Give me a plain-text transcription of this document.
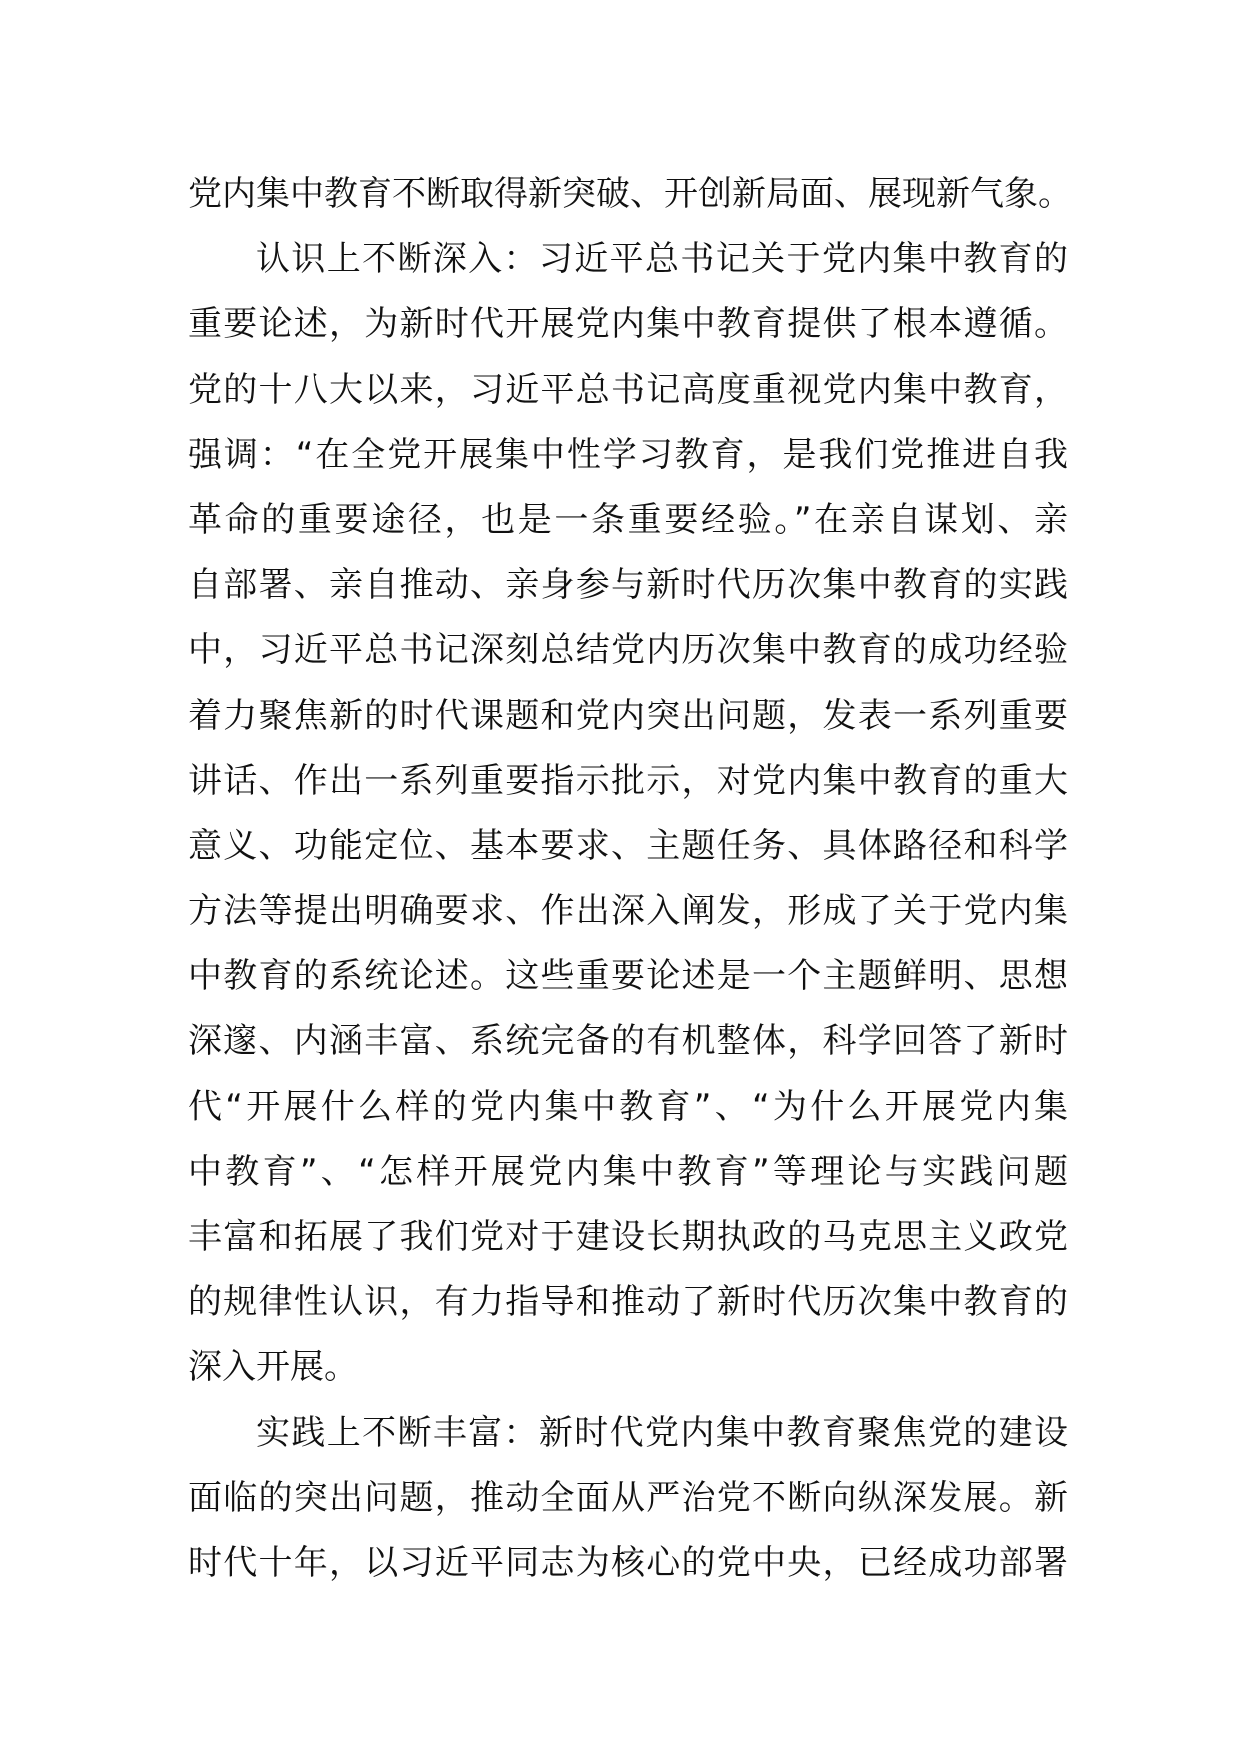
党内集中教育不断取得新突破、开创新局面、展现新气象。
认识上不断深入：习近平总书记关于党内集中教育的
重要论述，为新时代开展党内集中教育提供了根本遵循。
党的十八大以来，习近平总书记高度重视党内集中教育，
强调：“在全党开展集中性学习教育，是我们党推进自我
革命的重要途径，也是一条重要经验。”在亲自谋划、亲
自部署、亲自推动、亲身参与新时代历次集中教育的实践
中，习近平总书记深刻总结党内历次集中教育的成功经验
着力聚焦新的时代课题和党内突出问题，发表一系列重要
讲话、作出一系列重要指示批示，对党内集中教育的重大
意义、功能定位、基本要求、主题任务、具体路径和科学
方法等提出明确要求、作出深入阐发，形成了关于党内集
中教育的系统论述。这些重要论述是一个主题鲜明、思想
深邃、内涵丰富、系统完备的有机整体，科学回答了新时
代“开展什么样的党内集中教育”、“为什么开展党内集
中教育”、“怎样开展党内集中教育”等理论与实践问题
丰富和拓展了我们党对于建设长期执政的马克思主义政党
的规律性认识，有力指导和推动了新时代历次集中教育的
深入开展。
实践上不断丰富：新时代党内集中教育聚焦党的建设
面临的突出问题，推动全面从严治党不断向纵深发展。新
时代十年，以习近平同志为核心的党中央，已经成功部署
